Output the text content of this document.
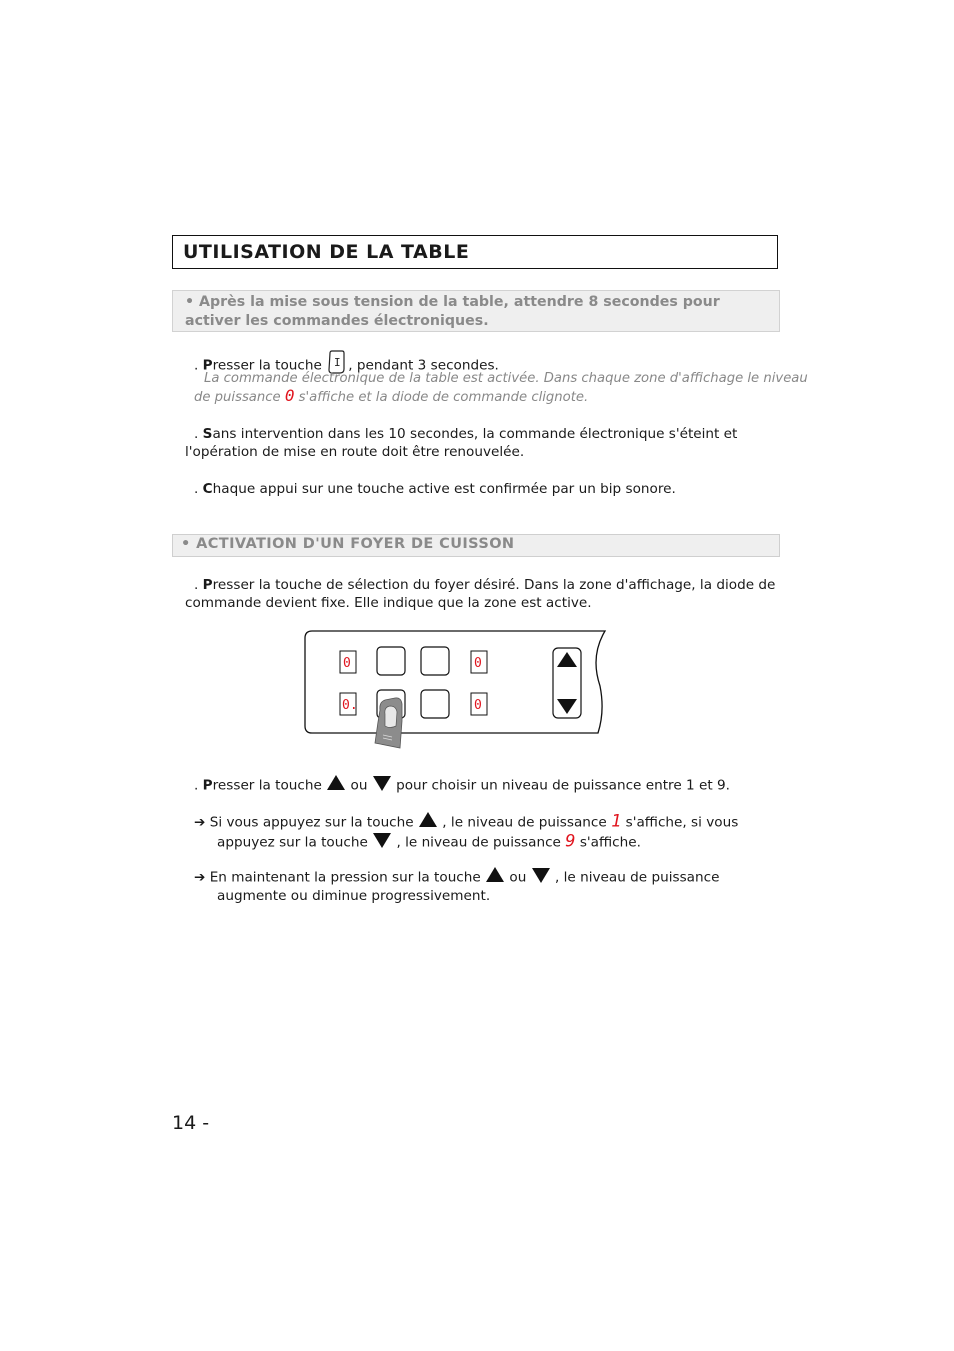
UTILISATION DE LA TABLE
• Après la mise sous tension de la table, attendre 8 secondes pour activer les commandes électroniques.
. Presser la touche I , pendant 3 secondes.
La commande électronique de la table est activée. Dans chaque zone d'affichage le niveau
de puissance 0 s'affiche et la diode de commande clignote.
. Sans intervention dans les 10 secondes, la commande électronique s'éteint et
l'opération de mise en route doit être renouvelée.
. Chaque appui sur une touche active est confirmée par un bip sonore.
• ACTIVATION D'UN FOYER DE CUISSON
. Presser la touche de sélection du foyer désiré. Dans la zone d'affichage, la diode de
commande devient fixe. Elle indique que la zone est active.
0	0
0.	0
. Presser la touche  ou  pour choisir un niveau de puissance entre 1 et 9.
➔ Si vous appuyez sur la touche  , le niveau de puissance 1 s'affiche, si vous
appuyez sur la touche  , le niveau de puissance 9 s'affiche.
➔ En maintenant la pression sur la touche  ou  , le niveau de puissance
augmente ou diminue progressivement.
14 -
